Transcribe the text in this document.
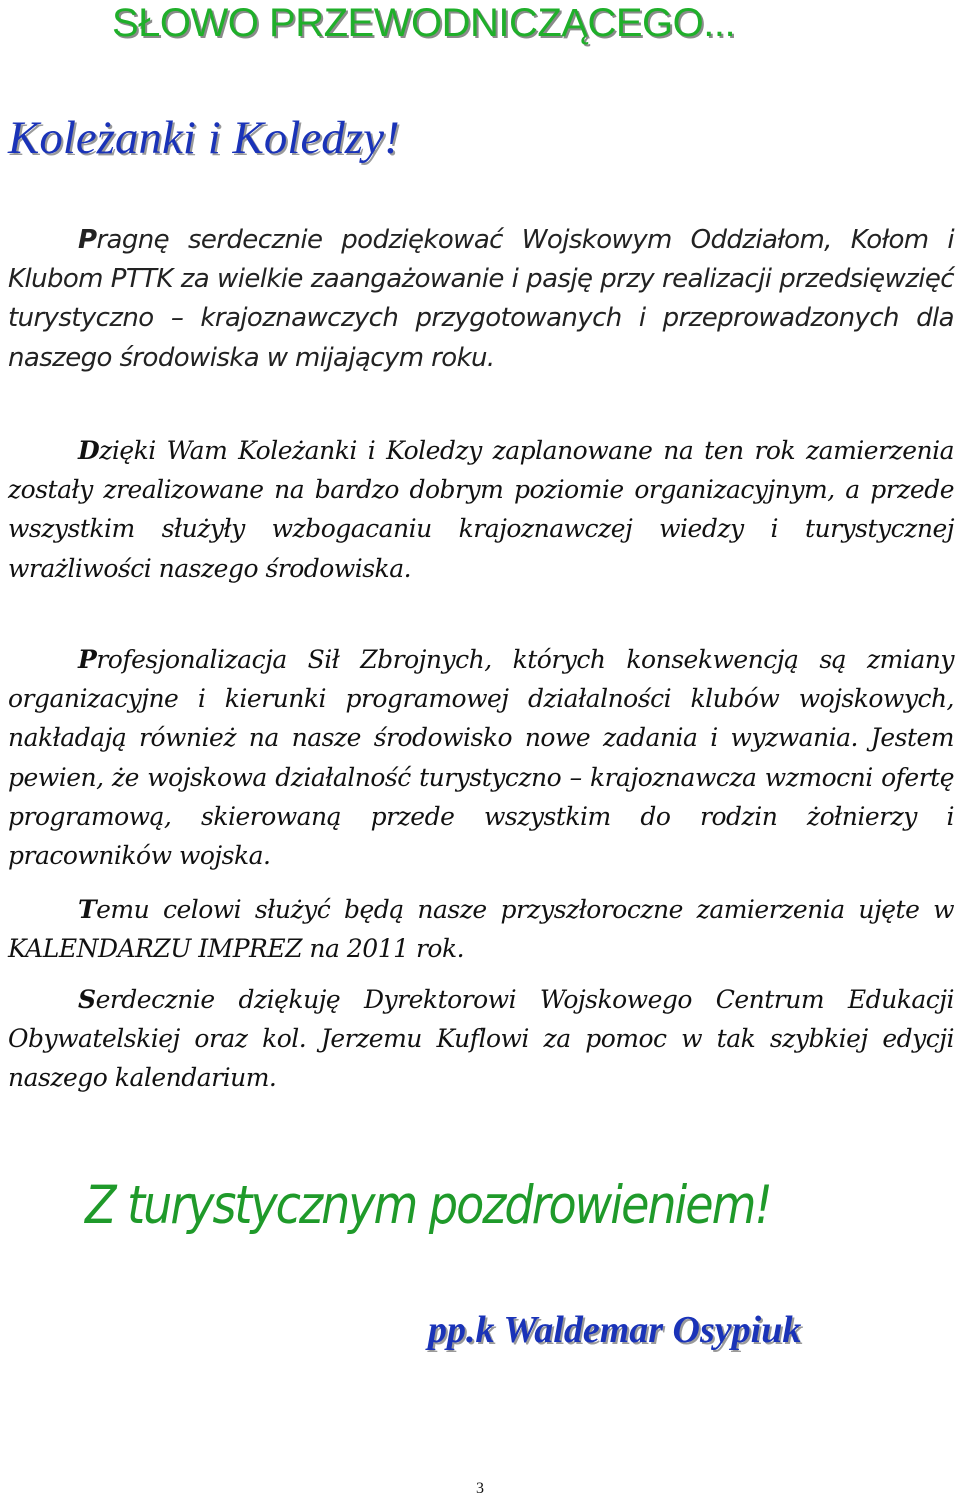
SŁOWO PRZEWODNICZĄCEGO...
Koleżanki i Koledzy!

Pragnę serdecznie podziękować Wojskowym Oddziałom, Kołom i Klubom PTTK za wielkie zaangażowanie i pasję przy realizacji przedsięwzięć turystyczno – krajoznawczych przygotowanych i przeprowadzonych dla naszego środowiska w mijającym roku.

Dzięki Wam Koleżanki i Koledzy zaplanowane na ten rok zamierzenia zostały zrealizowane na bardzo dobrym poziomie organizacyjnym, a przede wszystkim służyły wzbogacaniu krajoznawczej wiedzy i turystycznej wrażliwości naszego środowiska.

Profesjonalizacja Sił Zbrojnych, których konsekwencją są zmiany organizacyjne i kierunki programowej działalności klubów wojskowych, nakładają również na nasze środowisko nowe zadania i wyzwania. Jestem pewien, że wojskowa działalność turystyczno – krajoznawcza wzmocni ofertę programową, skierowaną przede wszystkim do rodzin żołnierzy i pracowników wojska.

Temu celowi służyć będą nasze przyszłoroczne zamierzenia ujęte w KALENDARZU IMPREZ na 2011 rok.

Serdecznie dziękuję Dyrektorowi Wojskowego Centrum Edukacji Obywatelskiej oraz kol. Jerzemu Kuflowi za pomoc w tak szybkiej edycji naszego kalendarium.

Z turystycznym pozdrowieniem!
pp.k Waldemar Osypiuk
3
